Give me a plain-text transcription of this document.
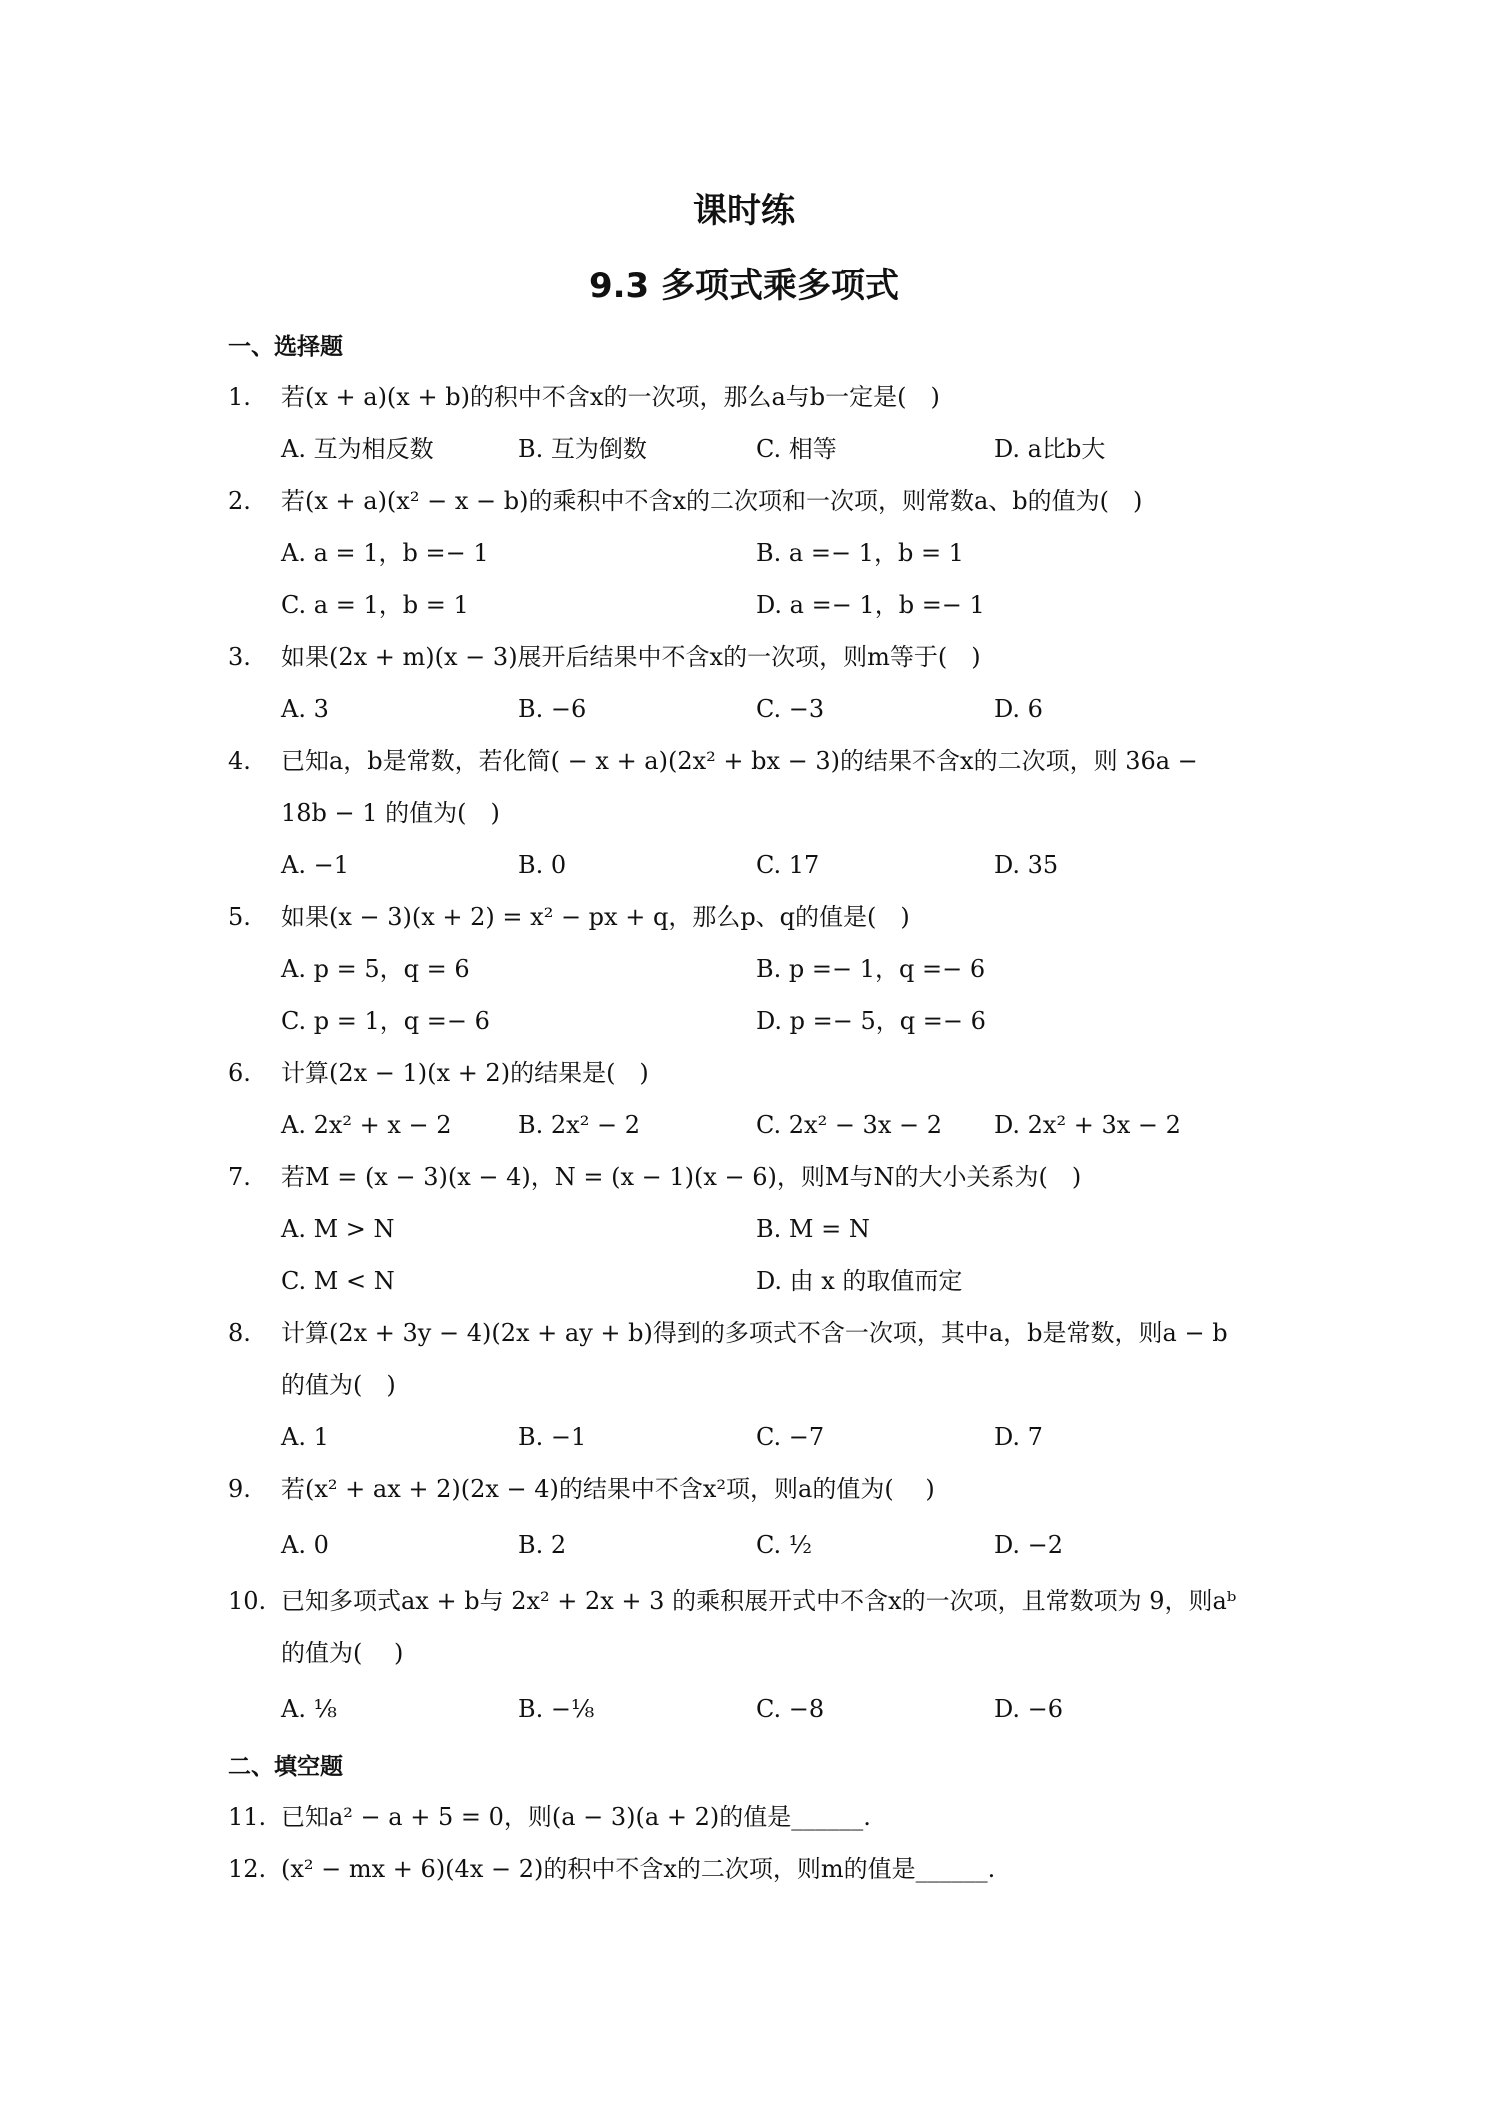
课时练
9.3 多项式乘多项式
一、选择题
1. 若(x + a)(x + b)的积中不含x的一次项，那么a与b一定是(　)
A. 互为相反数	B. 互为倒数	C. 相等	D. a比b大
2. 若(x + a)(x² − x − b)的乘积中不含x的二次项和一次项，则常数a、b的值为(　)
A. a = 1，b =− 1	B. a =− 1，b = 1
C. a = 1，b = 1	D. a =− 1，b =− 1
3. 如果(2x + m)(x − 3)展开后结果中不含x的一次项，则m等于(　)
A. 3	B. −6	C. −3	D. 6
4. 已知a，b是常数，若化简( − x + a)(2x² + bx − 3)的结果不含x的二次项，则 36a −
18b − 1 的值为(　)
A. −1	B. 0	C. 17	D. 35
5. 如果(x − 3)(x + 2) = x² − px + q，那么p、q的值是(　)
A. p = 5，q = 6	B. p =− 1，q =− 6
C. p = 1，q =− 6	D. p =− 5，q =− 6
6. 计算(2x − 1)(x + 2)的结果是(　)
A. 2x² + x − 2	B. 2x² − 2	C. 2x² − 3x − 2 D. 2x² + 3x − 2
7. 若M = (x − 3)(x − 4)，N = (x − 1)(x − 6)，则M与N的大小关系为(　)
A. M > N	B. M = N
C. M < N	D. 由 x 的取值而定
8. 计算(2x + 3y − 4)(2x + ay + b)得到的多项式不含一次项，其中a，b是常数，则a − b
的值为(　)
A. 1	B. −1	C. −7	D. 7
9. 若(x² + ax + 2)(2x − 4)的结果中不含x²项，则a的值为(　 )
A. 0	B. 2	C. ½	D. −2
10. 已知多项式ax + b与 2x² + 2x + 3 的乘积展开式中不含x的一次项，且常数项为 9，则aᵇ
的值为(　 )
A. ⅛	B. −⅛	C. −8	D. −6
二、填空题
11. 已知a² − a + 5 = 0，则(a − 3)(a + 2)的值是______.
12. (x² − mx + 6)(4x − 2)的积中不含x的二次项，则m的值是______.
